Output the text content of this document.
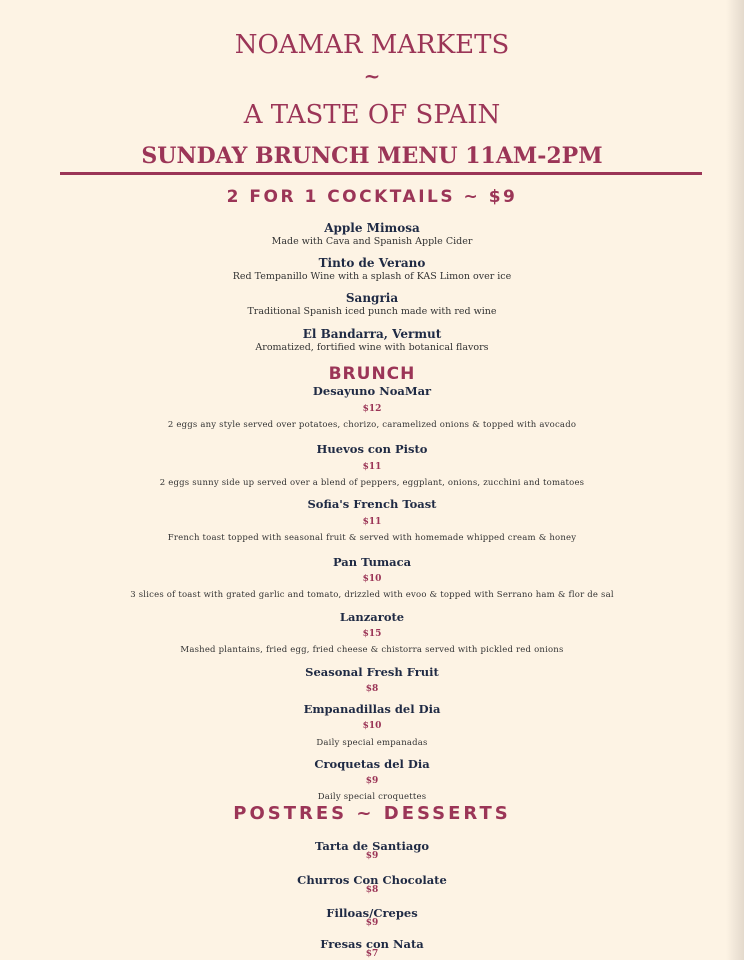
NOAMAR MARKETS
~
A TASTE OF SPAIN
SUNDAY BRUNCH MENU 11AM-2PM
2 FOR 1 COCKTAILS ~ $9
Apple Mimosa
Made with Cava and Spanish Apple Cider
Tinto de Verano
Red Tempanillo Wine with a splash of KAS Limon over ice
Sangria
Traditional Spanish iced punch made with red wine
El Bandarra, Vermut
Aromatized, fortified wine with botanical flavors
BRUNCH
Desayuno NoaMar
$12
2 eggs any style served over potatoes, chorizo, caramelized onions & topped with avocado
Huevos con Pisto
$11
2 eggs sunny side up served over a blend of peppers, eggplant, onions, zucchini and tomatoes
Sofia's French Toast
$11
French toast topped with seasonal fruit & served with homemade whipped cream & honey
Pan Tumaca
$10
3 slices of toast with grated garlic and tomato, drizzled with evoo & topped with Serrano ham & flor de sal
Lanzarote
$15
Mashed plantains, fried egg, fried cheese & chistorra served with pickled red onions
Seasonal Fresh Fruit
$8
Empanadillas del Dia
$10
Daily special empanadas
Croquetas del Dia
$9
Daily special croquettes
POSTRES ~ DESSERTS
Tarta de Santiago
$9
Churros Con Chocolate
$8
Filloas/Crepes
$9
Fresas con Nata
$7
